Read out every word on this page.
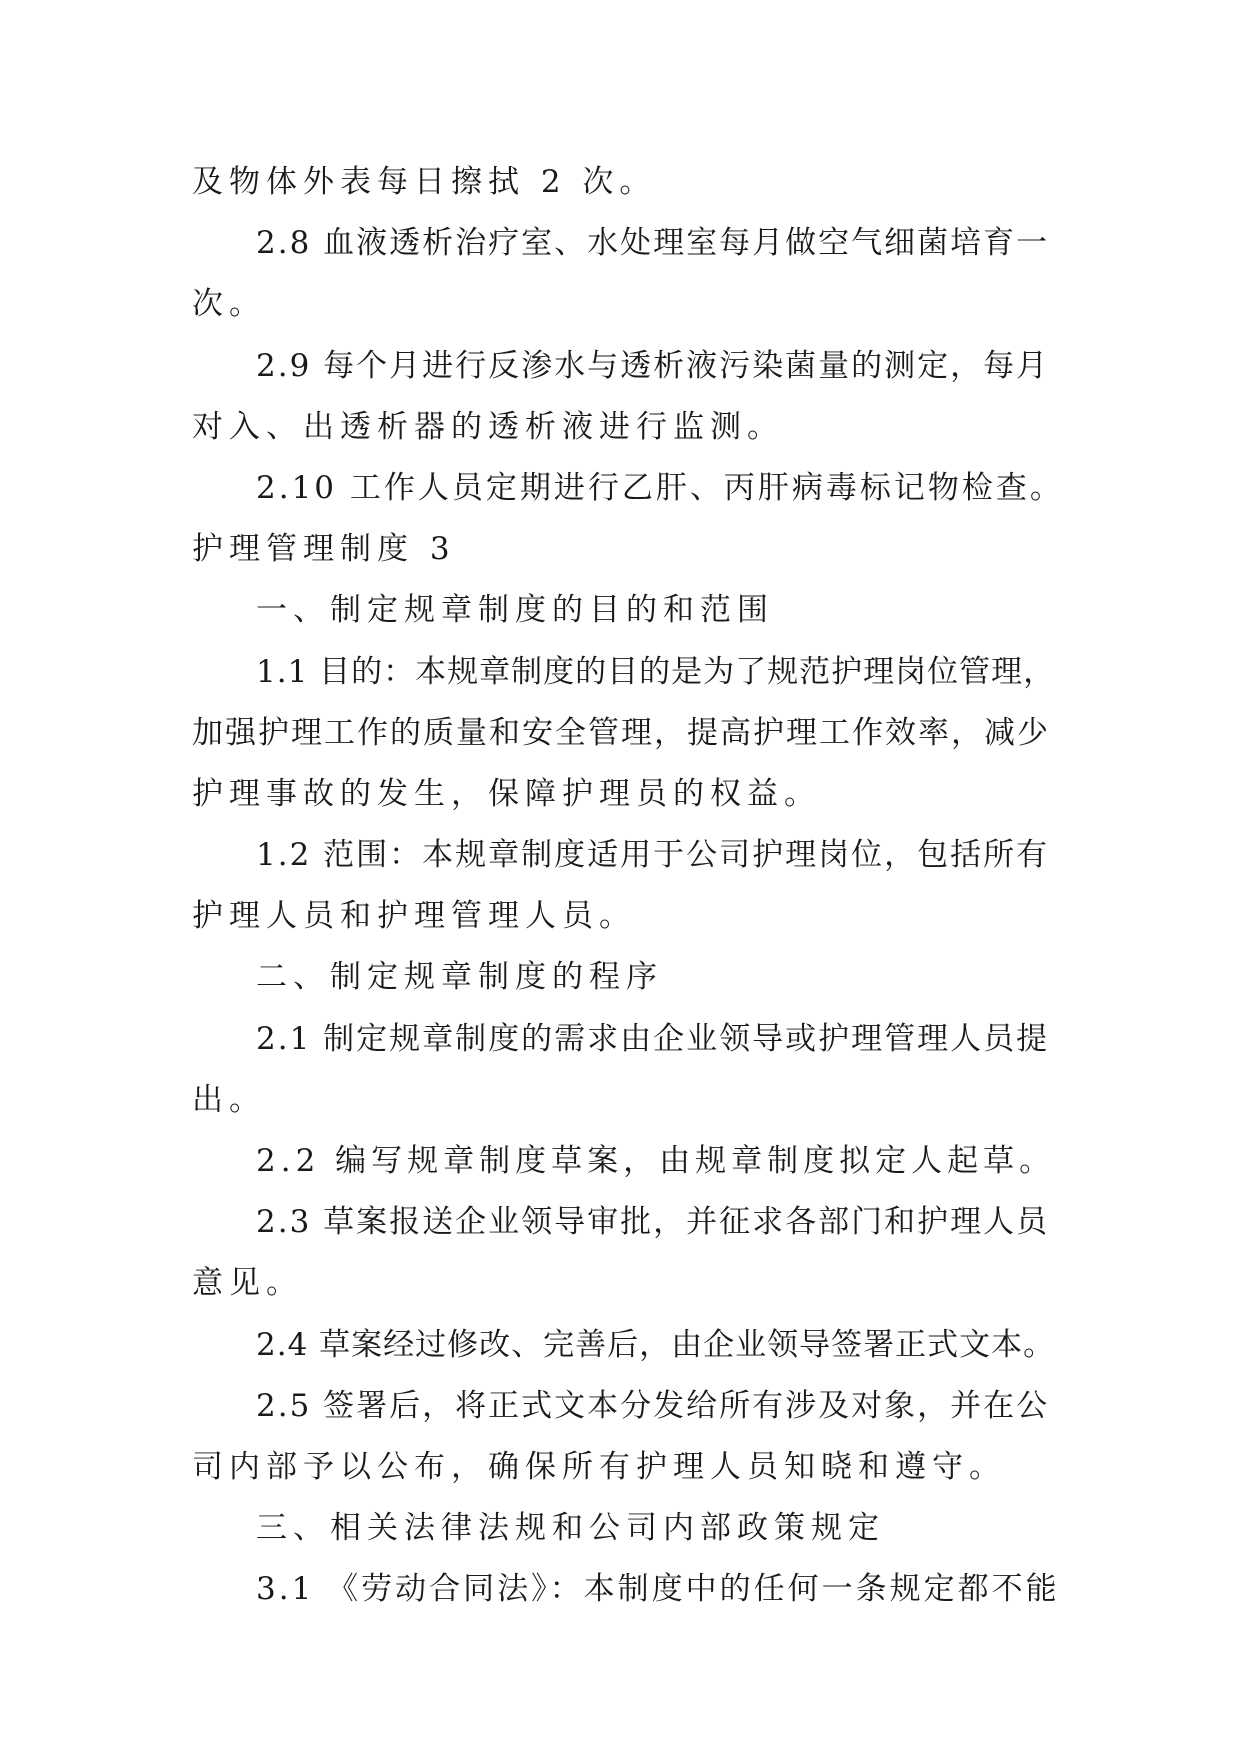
及物体外表每日擦拭 2 次。
2.8 血液透析治疗室、水处理室每月做空气细菌培育一
次。
2.9 每个月进行反渗水与透析液污染菌量的测定，每月
对入、出透析器的透析液进行监测。
2.10 工作人员定期进行乙肝、丙肝病毒标记物检查。
护理管理制度 3
一、制定规章制度的目的和范围
1.1 目的：本规章制度的目的是为了规范护理岗位管理，
加强护理工作的质量和安全管理，提高护理工作效率，减少
护理事故的发生，保障护理员的权益。
1.2 范围：本规章制度适用于公司护理岗位，包括所有
护理人员和护理管理人员。
二、制定规章制度的程序
2.1 制定规章制度的需求由企业领导或护理管理人员提
出。
2.2 编写规章制度草案，由规章制度拟定人起草。
2.3 草案报送企业领导审批，并征求各部门和护理人员
意见。
2.4 草案经过修改、完善后，由企业领导签署正式文本。
2.5 签署后，将正式文本分发给所有涉及对象，并在公
司内部予以公布，确保所有护理人员知晓和遵守。
三、相关法律法规和公司内部政策规定
3.1 《劳动合同法》：本制度中的任何一条规定都不能
